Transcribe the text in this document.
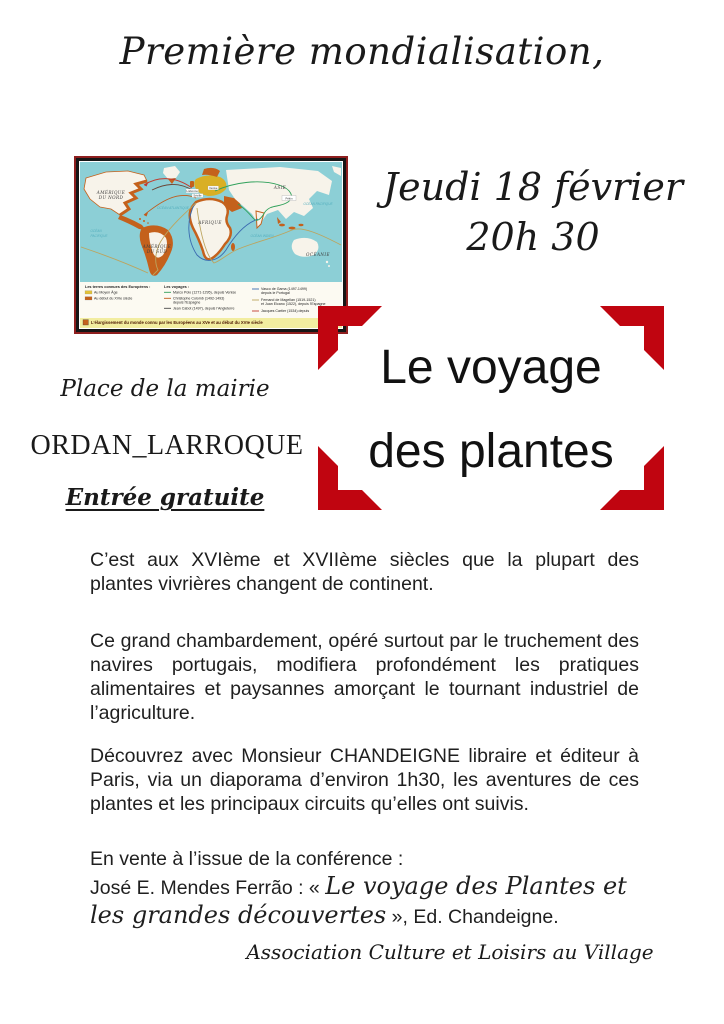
Première mondialisation,
AMÉRIQUE
DU NORD
AMÉRIQUE
DU SUD
AFRIQUE
ASIE
OCÉANIE
OCÉAN ATLANTIQUE
OCÉAN
PACIFIQUE
OCÉAN PACIFIQUE
OCÉAN INDIEN
Pékin
Lisbonne
Séville
Venise
Les terres connues des Européens :
Au Moyen Âge
Au début du XVIe siècle
Les voyages :
Marco Polo (1271-1295), depuis Venise
Christophe Colomb (1492-1493)
depuis l’Espagne
Jean Cabot (1497), depuis l’Angleterre
Vasco de Gama (1497-1499)
depuis le Portugal
Fernand de Magellan (1519-1521)
et Juan Elcano (1522), depuis l’Espagne
Jacques Cartier (1534) depuis
L’élargissement du monde connu par les Européens au XVe et au début du XVIe siècle
Jeudi 18 février
20h 30
Le voyage
des plantes
Place de la mairie
ORDAN_LARROQUE
Entrée gratuite
C’est aux XVIème et XVIIème siècles que la plupart des plantes vivrières changent de continent.
Ce grand chambardement, opéré surtout par le truchement des navires portugais, modifiera profondément les pratiques alimentaires et paysannes amorçant le tournant industriel de l’agriculture.
Découvrez avec Monsieur CHANDEIGNE libraire et éditeur à Paris, via un diaporama d’environ 1h30, les aventures de ces plantes et les principaux circuits qu’elles ont suivis.
En vente à l’issue de la conférence :
José E. Mendes Ferrão : « Le voyage des Plantes et les grandes découvertes », Ed. Chandeigne.
Association Culture et Loisirs au Village
